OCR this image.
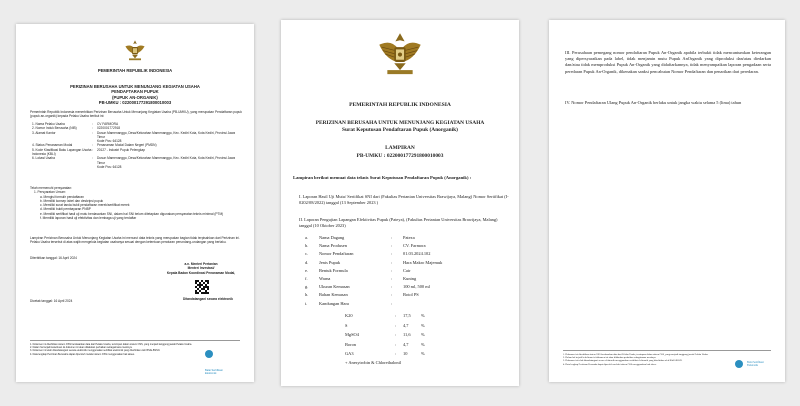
PEMERINTAH REPUBLIK INDONESIA
PERIZINAN BERUSAHA UNTUK MENUNJANG KEGIATAN USAHA
PENDAFTARAN PUPUK
(PUPUK AN-ORGANIK)
PB-UMKU : 022000177291800010003
Pemerintah Republik Indonesia menerbitkan Perizinan Berusaha Untuk Menunjang Kegiatan Usaha (PB-UMKU), yang merupakan Pendaftaran pupuk (pupuk an-organik) kepada Pelaku Usaha berikut ini:
1. Nama Pelaku Usaha	:	CV FARMORA
2. Nomor Induk Berusaha (NIB)	:	0220001772918
3. Alamat Kantor	:	Dusun Mamenanggo, Desa/Kelurahan Mamenanggo, Kec. Kediri Kota, Kota Kediri, Provinsi Jawa Timur
Kode Pos: 64128
4. Status Penanaman Modal	:	Penanaman Modal Dalam Negeri (PMDN)
5. Kode Klasifikasi Baku Lapangan Usaha Indonesia (KBLI)
:	20127 - Industri Pupuk Pelengkap
6. Lokasi Usaha	:	Dusun Mamenanggo, Desa/Kelurahan Mamenanggo, Kec. Kediri Kota, Kota Kediri, Provinsi Jawa Timur
Kode Pos: 64128
Telah memenuhi persyaratan:
1. Persyaratan Umum:
a. Mengisi formulir pendaftaran
b. Memiliki konsep label dan deskripsi pupuk
c. Memiliki surat tanda bukti pendaftaran merek/sertifikat merek
d. Memiliki bukti pembayaran PNBP
e. Memiliki sertifikat hasil uji mutu berdasarkan SNI, dalam hal SNI belum ditetapkan digunakan persyaratan teknis minimal (PTM)
f. Memiliki laporan hasil uji efektivitas dan lembaga uji yang terdaftar
Lampiran Perizinan Berusaha Untuk Menunjang Kegiatan Usaha ini menurut data teknis yang merupakan bagian tidak terpisahkan dari Perizinan ini. Pelaku Usaha tersebut di atas wajib mengelola kegiatan usahanya sesuai dengan ketentuan peraturan perundang-undangan yang berlaku.
Diterbitkan tanggal: 16 April 2024
a.n. Menteri Pertanian
Menteri Investasi/
Kepala Badan Koordinasi Penanaman Modal,
Ditandatangani secara elektronik
Dicetak tanggal: 16 April 2024
1. Dokumen ini diterbitkan sistem OSS berdasarkan data dari Pelaku Usaha, tersimpan dalam sistem OSS, yang menjadi tanggung jawab Pelaku Usaha.
2. Dalam hal terjadi kekeliruan isi dokumen ini akan dilakukan perbaikan sebagaimana mestinya.
3. Dokumen ini telah ditandatangani secara elektronik menggunakan sertifikat elektronik yang diterbitkan oleh BSrE-BSSN.
4. Data lengkap Perizinan Berusaha dapat diperoleh melalui sistem OSS menggunakan hak akses.
Balai Sertifikasi Elektronik
PEMERINTAH REPUBLIK INDONESIA
PERIZINAN BERUSAHA UNTUK MENUNJANG KEGIATAN USAHA
Surat Keputusan Pendaftaran Pupuk (Anorganik)
LAMPIRAN
PB-UMKU : 022000177291800010003
Lampiran berikut memuat data teknis Surat Keputusan Pendaftaran Pupuk (Anorganik) :
I. Laporan Hasil Uji Mutu/ Sertifikat SNI dari (Fakultas Pertanian Universitas Brawijaya, Malang) Nomor Sertifikat (I-0202/08/2022) tanggal (13 September 2023 )
II. Laporan Pengujian Lapangan Efektivitas Pupuk (Pateya), (Fakultas Pertanian Universitas Brawijaya, Malang) tanggal (10 Oktober 2023)
a.	Nama Dagang	:	Patexa
b.	Nama Produsen	:	CV. Farmora
c.	Nomor Pendaftaran	:	01.03.2024.102
d.	Jenis Pupuk	:	Hara Makro Majemuk
e.	Bentuk Formula	:	Cair
f.	Warna	:	Kuning
g.	Ukuran Kemasan	:	100 ml, 500 ml
h.	Bahan Kemasan	:	Botol PS
i.	Kandungan Hara	:
K20	:	17,5	%
S	:	4,7	%
MgSO4	:	11,6	%
Boron	:	4,7	%
GA3	:	10	%
+ Anesytrobin & Chlorethalonil
III. Perusahaan pemegang nomor pendaftaran Pupuk An-Organik apabila terbukti tidak mencantumkan keterangan yang dipersyaratkan pada label, tidak menjamin mutu Pupuk AnOrganik yang diproduksi dan/atau diedarkan dan/atau tidak memproduksi Pupuk An-Organik yang didaftarkannya, tidak menyampaikan laporan pengadaan serta peredaran Pupuk An-Organik, dikenakan sanksi pencabutan Nomor Pendaftaran dan penarikan dari peredaran.
IV. Nomor Pendaftaran Ulang Pupuk An-Organik berlaku untuk jangka waktu selama 5 (lima) tahun
1. Dokumen ini diterbitkan sistem OSS berdasarkan data dari Pelaku Usaha, tersimpan dalam sistem OSS, yang menjadi tanggung jawab Pelaku Usaha.
2. Dalam hal terjadi kekeliruan isi dokumen ini akan dilakukan perbaikan sebagaimana mestinya.
3. Dokumen ini telah ditandatangani secara elektronik menggunakan sertifikat elektronik yang diterbitkan oleh BSrE-BSSN.
4. Data lengkap Perizinan Berusaha dapat diperoleh melalui sistem OSS menggunakan hak akses.	Balai Sertifikasi Elektronik
